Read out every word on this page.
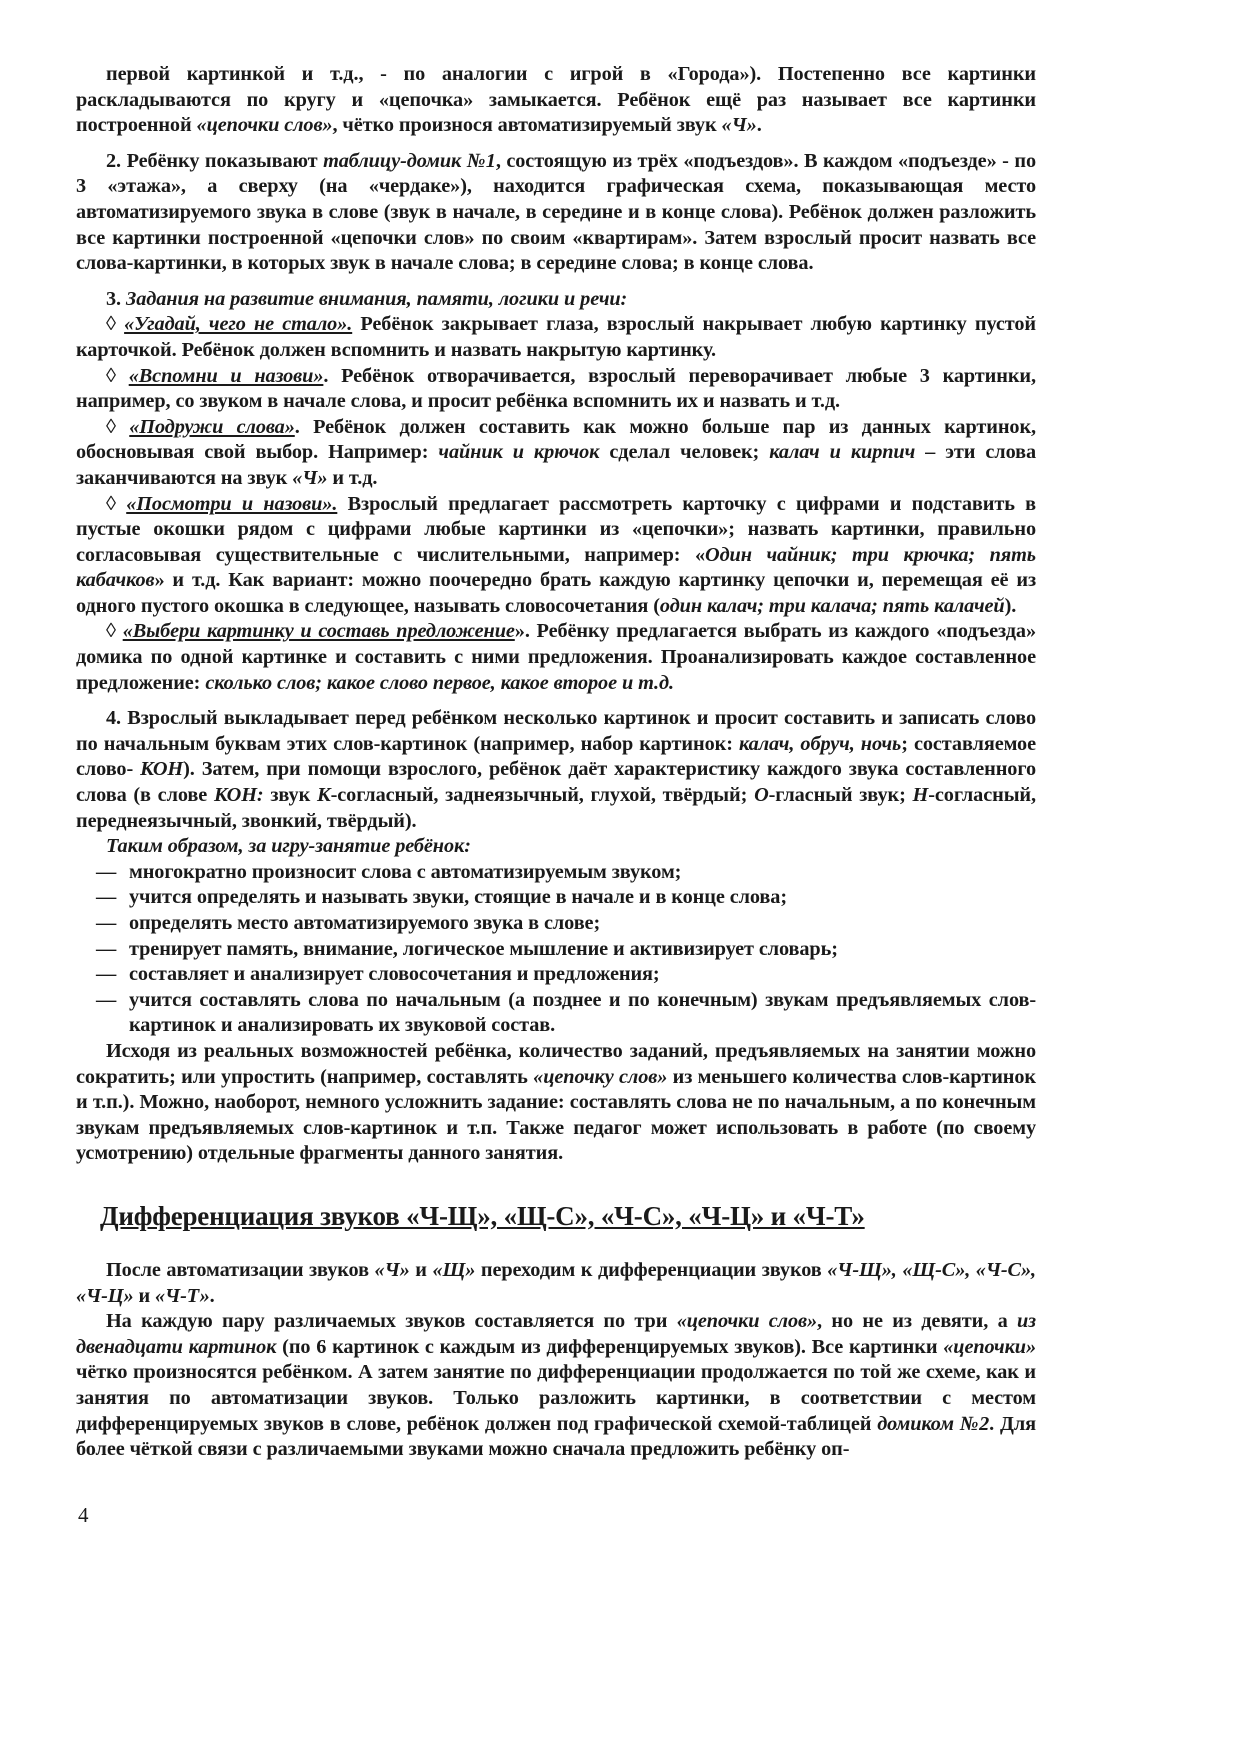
первой картинкой и т.д., - по аналогии с игрой в «Города»). Постепенно все картинки раскладываются по кругу и «цепочка» замыкается. Ребёнок ещё раз называет все картинки построенной «цепочки слов», чётко произнося автоматизируемый звук «Ч».

2. Ребёнку показывают таблицу-домик №1, состоящую из трёх «подъездов». В каждом «подъезде» - по 3 «этажа», а сверху (на «чердаке»), находится графическая схема, показывающая место автоматизируемого звука в слове (звук в начале, в середине и в конце слова). Ребёнок должен разложить все картинки построенной «цепочки слов» по своим «квартирам». Затем взрослый просит назвать все слова-картинки, в которых звук в начале слова; в середине слова; в конце слова.

3. Задания на развитие внимания, памяти, логики и речи:

◊ «Угадай, чего не стало». Ребёнок закрывает глаза, взрослый накрывает любую картинку пустой карточкой. Ребёнок должен вспомнить и назвать накрытую картинку.

◊ «Вспомни и назови». Ребёнок отворачивается, взрослый переворачивает любые 3 картинки, например, со звуком в начале слова, и просит ребёнка вспомнить их и назвать и т.д.

◊ «Подружи слова». Ребёнок должен составить как можно больше пар из данных картинок, обосновывая свой выбор. Например: чайник и крючок сделал человек; калач и кирпич – эти слова заканчиваются на звук «Ч» и т.д.

◊ «Посмотри и назови». Взрослый предлагает рассмотреть карточку с цифрами и подставить в пустые окошки рядом с цифрами любые картинки из «цепочки»; назвать картинки, правильно согласовывая существительные с числительными, например: «Один чайник; три крючка; пять кабачков» и т.д. Как вариант: можно поочередно брать каждую картинку цепочки и, перемещая её из одного пустого окошка в следующее, называть словосочетания (один калач; три калача; пять калачей).

◊ «Выбери картинку и составь предложение». Ребёнку предлагается выбрать из каждого «подъезда» домика по одной картинке и составить с ними предложения. Проанализировать каждое составленное предложение: сколько слов; какое слово первое, какое второе и т.д.

4. Взрослый выкладывает перед ребёнком несколько картинок и просит составить и записать слово по начальным буквам этих слов-картинок (например, набор картинок: калач, обруч, ночь; составляемое слово- КОН). Затем, при помощи взрослого, ребёнок даёт характеристику каждого звука составленного слова (в слове КОН: звук К-согласный, заднеязычный, глухой, твёрдый; О-гласный звук; Н-согласный, переднеязычный, звонкий, твёрдый).

Таким образом, за игру-занятие ребёнок:

— многократно произносит слова с автоматизируемым звуком;

— учится определять и называть звуки, стоящие в начале и в конце слова;

— определять место автоматизируемого звука в слове;

— тренирует память, внимание, логическое мышление и активизирует словарь;

— составляет и анализирует словосочетания и предложения;

— учится составлять слова по начальным (а позднее и по конечным) звукам предъявляемых слов-картинок и анализировать их звуковой состав.

Исходя из реальных возможностей ребёнка, количество заданий, предъявляемых на занятии можно сократить; или упростить (например, составлять «цепочку слов» из меньшего количества слов-картинок и т.п.). Можно, наоборот, немного усложнить задание: составлять слова не по начальным, а по конечным звукам предъявляемых слов-картинок и т.п. Также педагог может использовать в работе (по своему усмотрению) отдельные фрагменты данного занятия.

Дифференциация звуков «Ч-Щ», «Щ-С», «Ч-С», «Ч-Ц» и «Ч-Т»

После автоматизации звуков «Ч» и «Щ» переходим к дифференциации звуков «Ч-Щ», «Щ-С», «Ч-С», «Ч-Ц» и «Ч-Т».

На каждую пару различаемых звуков составляется по три «цепочки слов», но не из девяти, а из двенадцати картинок (по 6 картинок с каждым из дифференцируемых звуков). Все картинки «цепочки» чётко произносятся ребёнком. А затем занятие по дифференциации продолжается по той же схеме, как и занятия по автоматизации звуков. Только разложить картинки, в соответствии с местом дифференцируемых звуков в слове, ребёнок должен под графической схемой-таблицей домиком №2. Для более чёткой связи с различаемыми звуками можно сначала предложить ребёнку оп-

4
